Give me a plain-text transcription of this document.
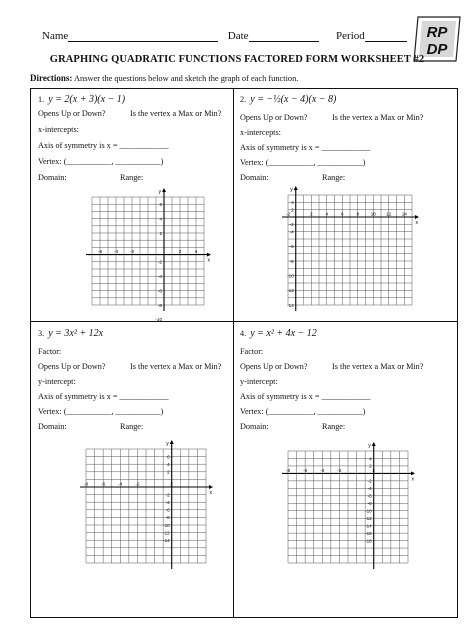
Name	Date	Period	RP
DP
GRAPHING QUADRATIC FUNCTIONS FACTORED FORM WORKSHEET #2
Directions: Answer the questions below and sketch the graph of each function.
1. y = 2(x + 3)(x − 1)
Opens Up or Down?	Is the vertex a Max or Min?
x-intercepts:
Axis of symmetry is x = ____________
Vertex: (___________, ___________)
Domain:	Range:
y
x
-6	-4	-2	2	4
6
4
2
-2
-4
-6
-8
-10
2. y = −½(x − 4)(x − 8)
Opens Up or Down?	Is the vertex a Max or Min?
x-intercepts:
Axis of symmetry is x = ____________
Vertex: (___________, ___________)
Domain:	Range:
y
x
-2	2	4	6	8	10 12 14
4
2
-2
-4
-6
-8
-10
-12
-14
3. y = 3x² + 12x
Factor:
Opens Up or Down?	Is the vertex a Max or Min?
y-intercept:
Axis of symmetry is x = ____________
Vertex: (___________, ___________)
Domain:	Range:
y
x
-8	-6	-4	-2	2
6
4
2
-2
-4
-6
-8
-10
-12
-14
4. y = x² + 4x − 12
Factor:
Opens Up or Down?	Is the vertex a Max or Min?
y-intercept:
Axis of symmetry is x = ____________
Vertex: (___________, ___________)
Domain:	Range:
y
x
-8	-6	-4	-2	2
4
2
-2
-4
-6
-8
-10
-12
-14
-16
-18
